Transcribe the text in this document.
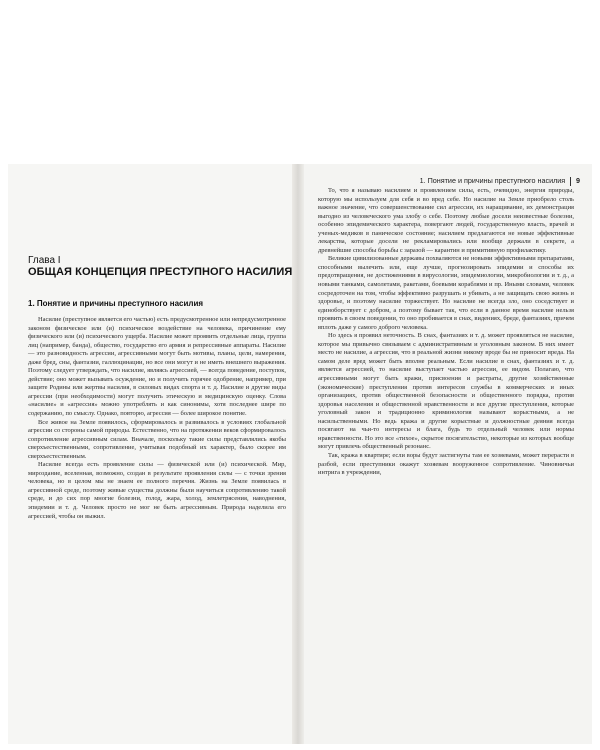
1. Понятие и причины преступного насилия 9
Глава I
ОБЩАЯ КОНЦЕПЦИЯ ПРЕСТУПНОГО НАСИЛИЯ
1. Понятие и причины преступного насилия

Насилие (преступное является его частью) есть предусмотренное или непредусмотренное законом физическое или (и) психическое воздействие на человека, причинение ему физического или (и) психического ущерба. Насилие может проявить отдельные лица, группа лиц (например, банда), общество, государство его армия и репрессивные аппараты. Насилие — это разновидность агрессии, агрессивными могут быть мотивы, планы, цели, намерения, даже бред, сны, фантазии, галлюцинации, но все они могут и не иметь внешнего выражения. Поэтому следует утверждать, что насилие, являясь агрессией, — всегда поведение, поступок, действие; оно может вызывать осуждение, но и получить горячее одобрение, например, при защите Родины или жертвы насилия, в силовых видах спорта и т. д. Насилие и другие виды агрессии (при необходимости) могут получить этическую и медицинскую оценку. Слова «насилие» и «агрессия» можно употреблять и как синонимы, хотя последнее шире по содержанию, по смыслу. Однако, повторю, агрессия — более широкое понятие.

Все живое на Земле появилось, сформировалось и развивалось в условиях глобальной агрессии со стороны самой природы. Естественно, что на протяжении веков сформировалось сопротивление агрессивным силам. Вначале, поскольку такие силы представлялись якобы сверхъестественными, сопротивление, учитывая подобный их характер, было скорее им сверхъестественным.

Насилие всегда есть проявление силы — физической или (и) психической. Мир, мироздание, вселенная, возможно, создан в результате проявления силы — с точки зрения человека, но в целом мы не знаем ее полного перечня. Жизнь на Земле появилась в агрессивной среде, поэтому живые существа должны были научиться сопротивлению такой среде, и до сих пор многие болезни, голод, жара, холод, землетрясения, наводнения, эпидемии и т. д. Человек просто не мог не быть агрессивным. Природа наделила его агрессией, чтобы он выжил.

То, что я называю насилием и проявлением силы, есть, очевидно, энергия природы, которую мы используем для себя и во вред себе. Но насилие на Земле приобрело столь важное значение, что совершенствование сил агрессии, их наращивание, их демонстрация выгодно из человеческого ума злобу о себе. Поэтому любые досели неизвестные болезни, особенно эпидемического характера, повергают людей, государственную власть, врачей и ученых-медиков в паническое состояние; насилием предлагаются не новые эффективные лекарства, которые досели не рекламировались или вообще держали в секрете, а древнейшие способы борьбы с заразой — карантин и примитивную профилактику.

Великие цивилизованные державы похваляются не новыми эффективными препаратами, способными вылечить или, еще лучше, прогнозировать эпидемии и способы их предотвращения, не достижениями в вирусологии, эпидемиологии, микробиологии и т. д., а новыми танками, самолетами, ракетами, боевыми кораблями и пр. Иными словами, человек сосредоточен на том, чтобы эффективно разрушать и убивать, а не защищать свою жизнь и здоровье, и поэтому насилие торжествует. Но насилие не всегда зло, оно соседствует и единоборствует с добром, а поэтому бывает так, что если в данное время насилие нельзя проявить в своем поведении, то оно пробивается в снах, видениях, бреде, фантазиях, причем вплоть даже у самого доброго человека.

Но здесь я проявил неточность. В снах, фантазиях и т. д. может проявляться не насилие, которое мы привычно связываем с административным и уголовным законом. В них имеет место не насилие, а агрессия, что в реальной жизни никому вроде бы не приносит вреда. На самом деле вред может быть вполне реальным. Если насилие в снах, фантазиях и т. д. является агрессией, то насилие выступает частью агрессии, ее видом. Полагаю, что агрессивными могут быть кражи, присвоения и растраты, другие хозяйственные (экономические) преступления против интересов службы в коммерческих и иных организациях, против общественной безопасности и общественного порядка, против здоровья населения и общественной нравственности и все другие преступления, которые уголовный закон и традиционно криминология называют корыстными, а не насильственными. Но ведь кража и другие корыстные и должностные деяния всегда посягают на чьи-то интересы и блага, будь то отдельный человек или нормы нравственности. Но это все «тихое», скрытое посягательство, некоторые из которых вообще могут привлечь общественный резонанс.

Так, кража в квартире; если воры будут застигнуты там ее хозяевами, может перерасти в разбой, если преступники окажут хозяевам вооруженное сопротивление. Чиновничьи интрига в учреждении,
